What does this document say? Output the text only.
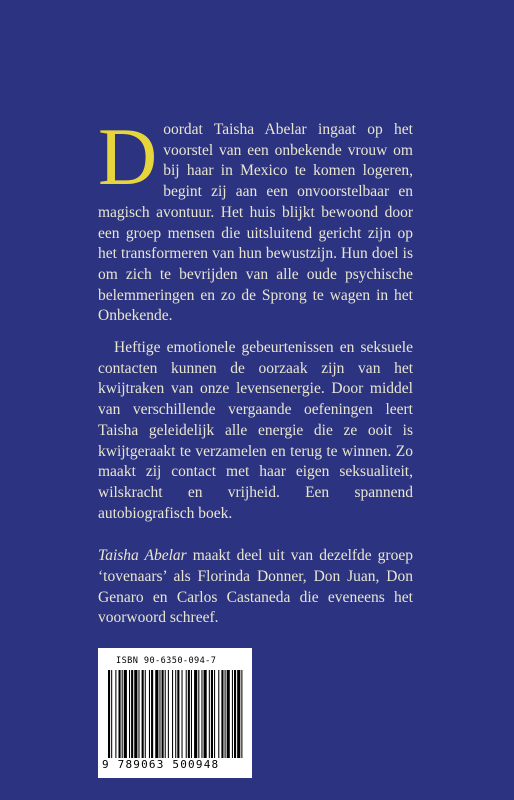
Doordat Taisha Abelar ingaat op het voorstel van een onbekende vrouw om bij haar in Mexico te komen logeren, begint zij aan een onvoorstelbaar en magisch avontuur. Het huis blijkt bewoond door een groep mensen die uitsluitend gericht zijn op het transformeren van hun bewustzijn. Hun doel is om zich te bevrijden van alle oude psychische belemmeringen en zo de Sprong te wagen in het Onbekende.

Heftige emotionele gebeurtenissen en seksuele contacten kunnen de oorzaak zijn van het kwijtraken van onze levensenergie. Door middel van verschillende vergaande oefeningen leert Taisha geleidelijk alle energie die ze ooit is kwijtgeraakt te verzamelen en terug te winnen. Zo maakt zij contact met haar eigen seksualiteit, wilskracht en vrijheid. Een spannend autobiografisch boek.

Taisha Abelar maakt deel uit van dezelfde groep ‘tovenaars’ als Florinda Donner, Don Juan, Don Genaro en Carlos Castaneda die eveneens het voorwoord schreef.

ISBN 90-6350-094-7
9 789063 500948
